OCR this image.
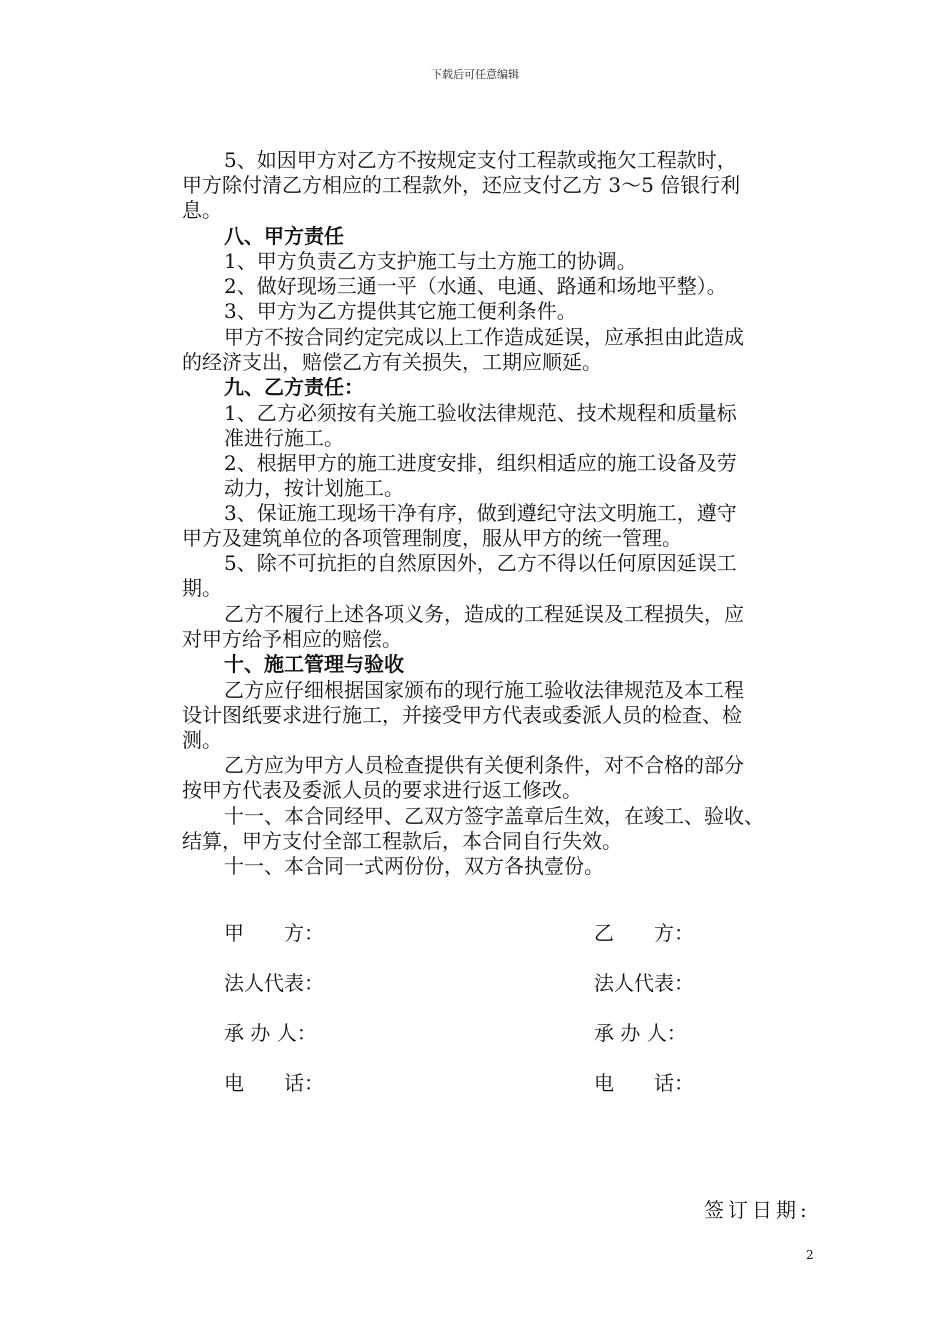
下载后可任意编辑
5、如因甲方对乙方不按规定支付工程款或拖欠工程款时，
甲方除付清乙方相应的工程款外，还应支付乙方 3～5 倍银行利
息。
八、甲方责任
1、甲方负责乙方支护施工与土方施工的协调。
2、做好现场三通一平（水通、电通、路通和场地平整）。
3、甲方为乙方提供其它施工便利条件。
甲方不按合同约定完成以上工作造成延误，应承担由此造成
的经济支出，赔偿乙方有关损失，工期应顺延。
九、乙方责任：
1、乙方必须按有关施工验收法律规范、技术规程和质量标
准进行施工。
2、根据甲方的施工进度安排，组织相适应的施工设备及劳
动力，按计划施工。
3、保证施工现场干净有序，做到遵纪守法文明施工，遵守
甲方及建筑单位的各项管理制度，服从甲方的统一管理。
5、除不可抗拒的自然原因外，乙方不得以任何原因延误工
期。
乙方不履行上述各项义务，造成的工程延误及工程损失，应
对甲方给予相应的赔偿。
十、施工管理与验收
乙方应仔细根据国家颁布的现行施工验收法律规范及本工程
设计图纸要求进行施工，并接受甲方代表或委派人员的检查、检
测。
乙方应为甲方人员检查提供有关便利条件，对不合格的部分
按甲方代表及委派人员的要求进行返工修改。
十一、本合同经甲、乙双方签字盖章后生效，在竣工、验收、
结算，甲方支付全部工程款后，本合同自行失效。
十一、本合同一式两份份，双方各执壹份。
甲　　方：
法人代表：
承 办 人：
电　　话：
乙　　方：
法人代表：
承 办 人：
电　　话：
签订日期:
2
